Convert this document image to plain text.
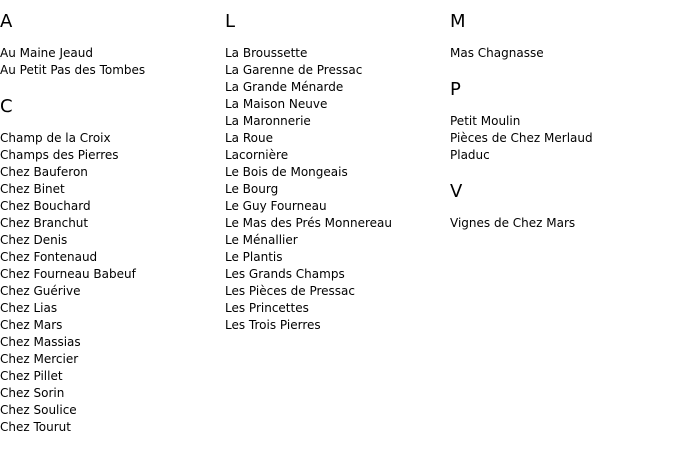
A
Au Maine Jeaud
Au Petit Pas des Tombes
C
Champ de la Croix
Champs des Pierres
Chez Bauferon
Chez Binet
Chez Bouchard
Chez Branchut
Chez Denis
Chez Fontenaud
Chez Fourneau Babeuf
Chez Guérive
Chez Lias
Chez Mars
Chez Massias
Chez Mercier
Chez Pillet
Chez Sorin
Chez Soulice
Chez Tourut
L
La Broussette
La Garenne de Pressac
La Grande Ménarde
La Maison Neuve
La Maronnerie
La Roue
Lacornière
Le Bois de Mongeais
Le Bourg
Le Guy Fourneau
Le Mas des Prés Monnereau
Le Ménallier
Le Plantis
Les Grands Champs
Les Pièces de Pressac
Les Princettes
Les Trois Pierres
M
Mas Chagnasse
P
Petit Moulin
Pièces de Chez Merlaud
Pladuc
V
Vignes de Chez Mars
